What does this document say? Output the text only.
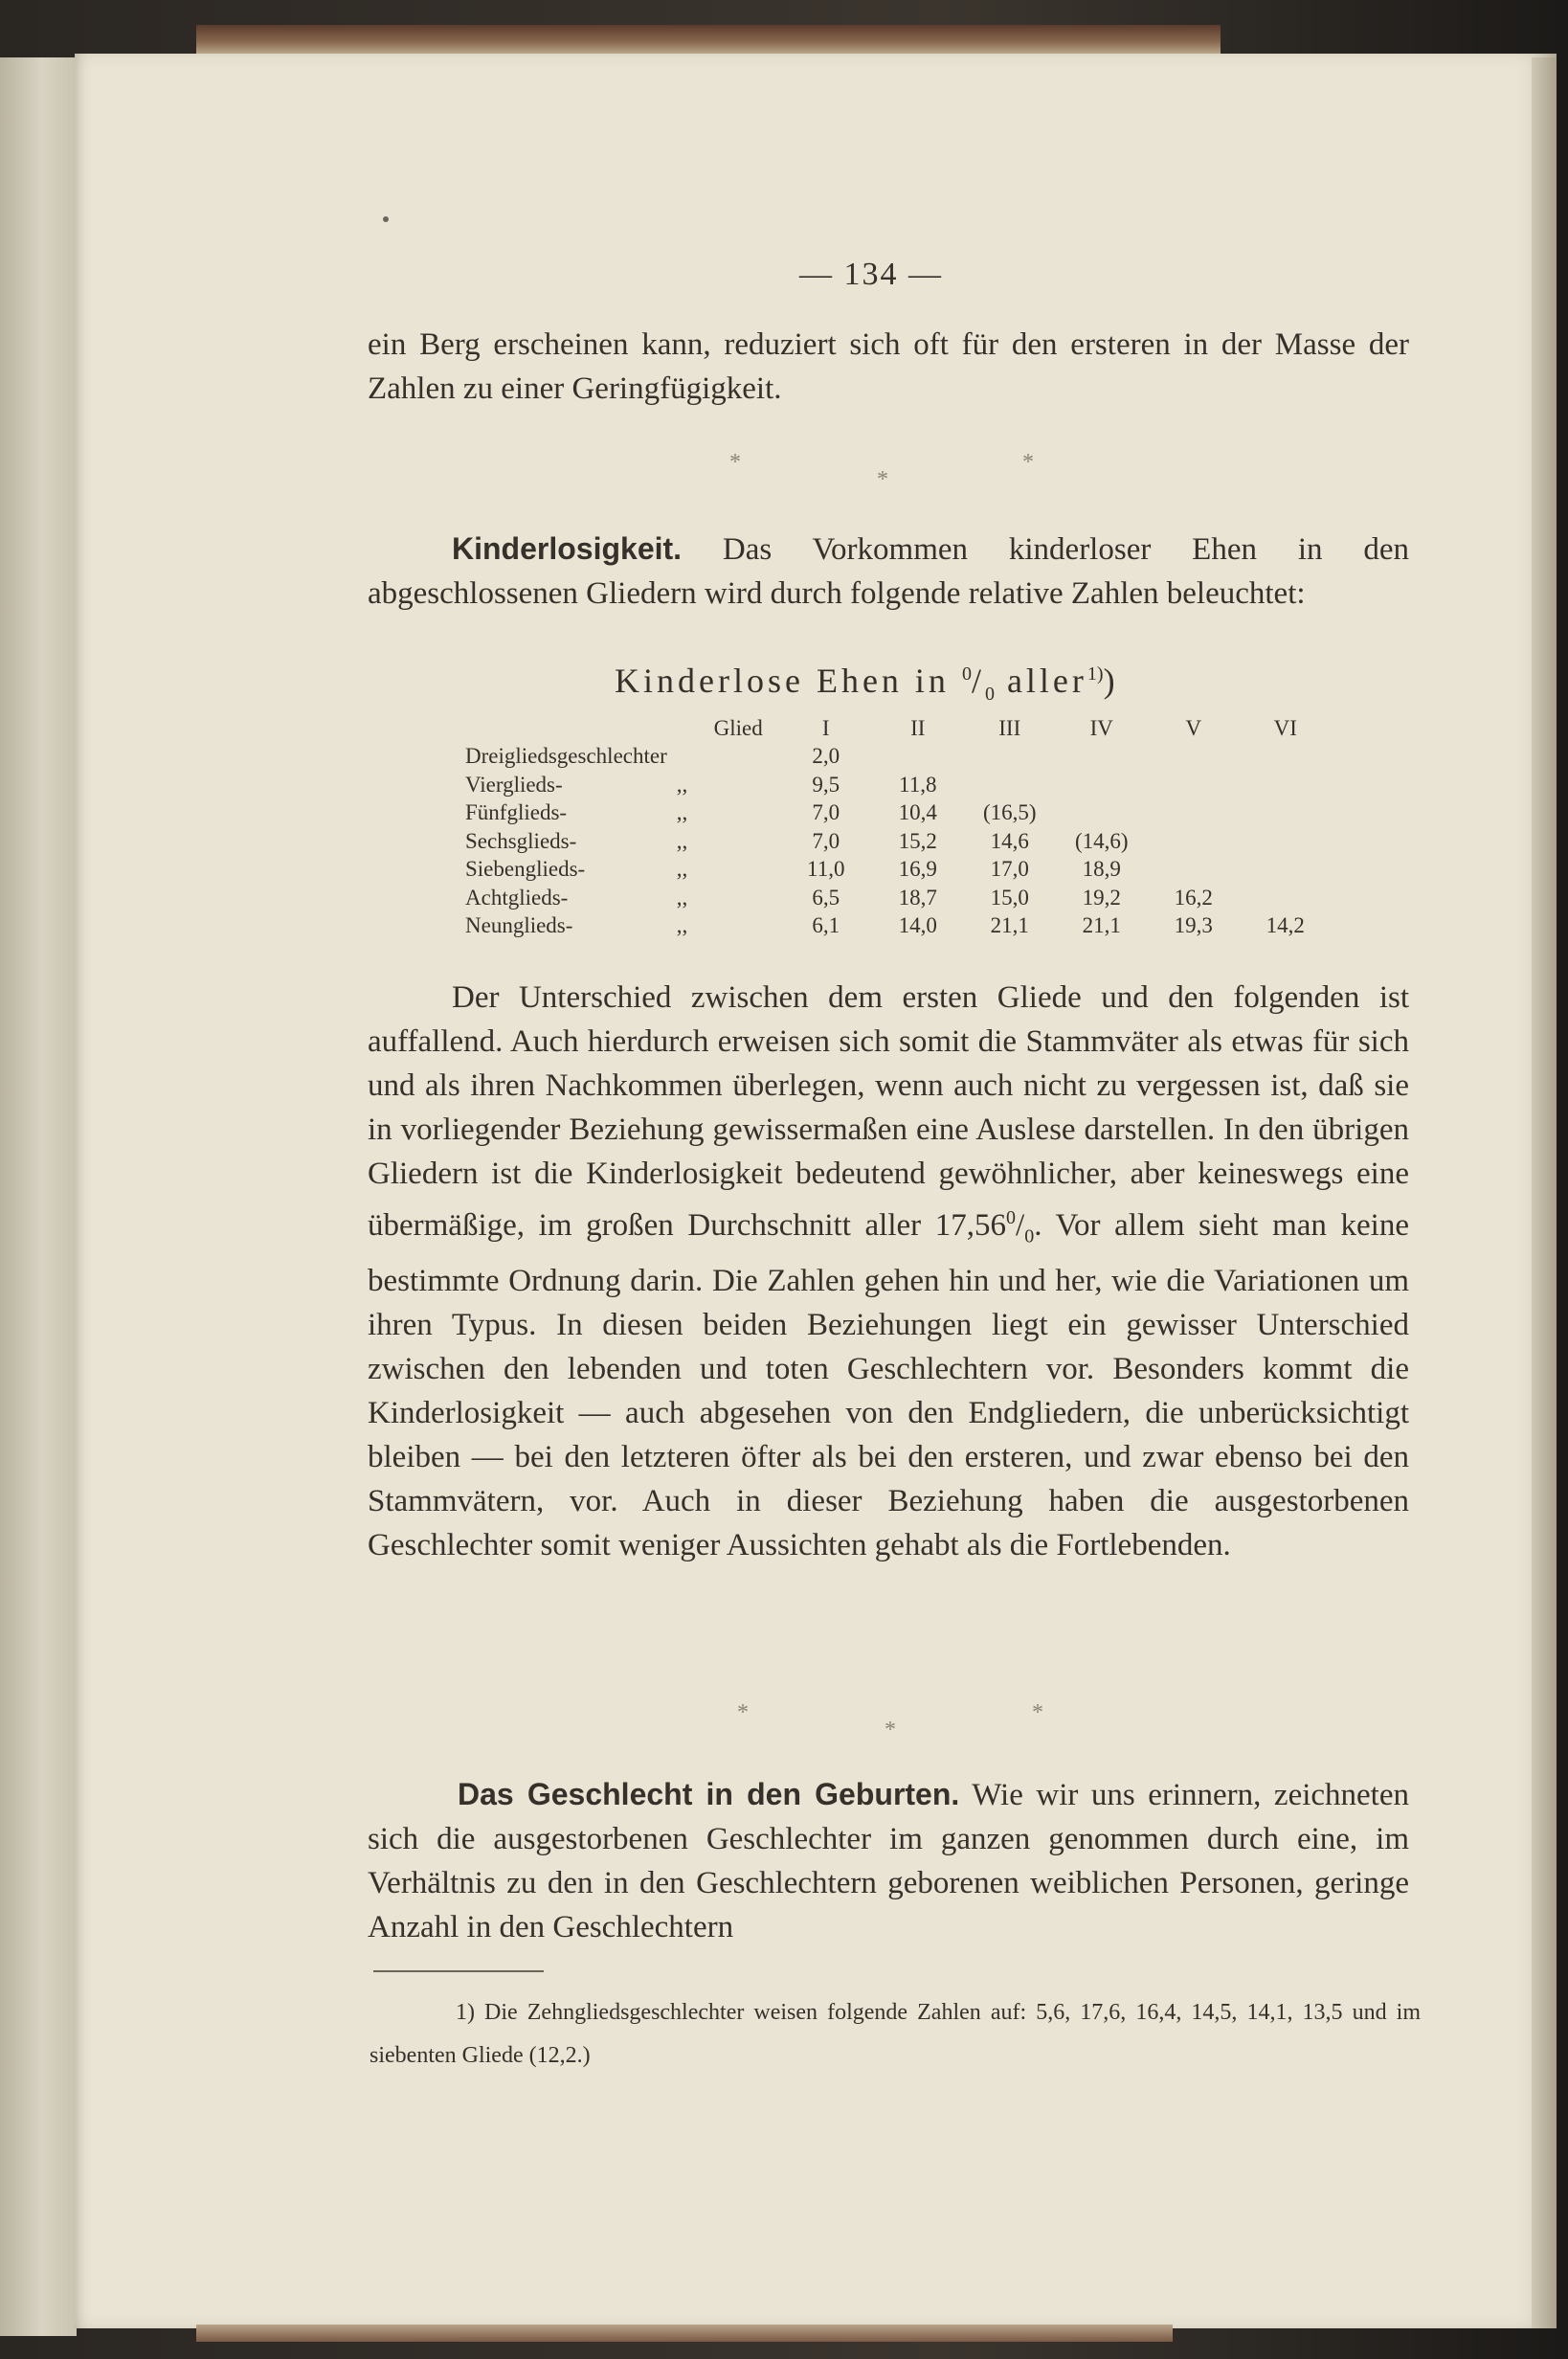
— 134 —

ein Berg erscheinen kann, reduziert sich oft für den ersteren in der Masse der Zahlen zu einer Geringfügigkeit.

*
*
*

Kinderlosigkeit. Das Vorkommen kinderloser Ehen in den abgeschlossenen Gliedern wird durch folgende relative Zahlen beleuchtet:

Kinderlose Ehen in $^0/_0$ aller$^{1)}$)
Glied		I	II	III	IV	V	VI
Dreigliedsgeschlechter		2,0					
Vierglieds-	,,	9,5	11,8				
Fünfglieds-	,,	7,0	10,4	(16,5)			
Sechsglieds-	,,	7,0	15,2	14,6	(14,6)		
Siebenglieds-	,,	11,0	16,9	17,0	18,9		
Achtglieds-	,,	6,5	18,7	15,0	19,2	16,2	
Neunglieds-	,,	6,1	14,0	21,1	21,1	19,3	14,2

Der Unterschied zwischen dem ersten Gliede und den folgenden ist auffallend. Auch hierdurch erweisen sich somit die Stammväter als etwas für sich und als ihren Nachkommen überlegen, wenn auch nicht zu vergessen ist, daß sie in vorliegender Beziehung gewissermaßen eine Auslese darstellen. In den übrigen Gliedern ist die Kinderlosigkeit bedeutend gewöhnlicher, aber keineswegs eine übermäßige, im großen Durchschnitt aller $17,56^0/_0$. Vor allem sieht man keine bestimmte Ordnung darin. Die Zahlen gehen hin und her, wie die Variationen um ihren Typus. In diesen beiden Beziehungen liegt ein gewisser Unterschied zwischen den lebenden und toten Geschlechtern vor. Besonders kommt die Kinderlosigkeit — auch abgesehen von den Endgliedern, die unberücksichtigt bleiben — bei den letzteren öfter als bei den ersteren, und zwar ebenso bei den Stammvätern, vor. Auch in dieser Beziehung haben die ausgestorbenen Geschlechter somit weniger Aussichten gehabt als die Fortlebenden.

*
*
*

Das Geschlecht in den Geburten. Wie wir uns erinnern, zeichneten sich die ausgestorbenen Geschlechter im ganzen genommen durch eine, im Verhältnis zu den in den Geschlechtern geborenen weiblichen Personen, geringe Anzahl in den Geschlechtern

1) Die Zehngliedsgeschlechter weisen folgende Zahlen auf: 5,6, 17,6, 16,4, 14,5, 14,1, 13,5 und im siebenten Gliede (12,2.)
